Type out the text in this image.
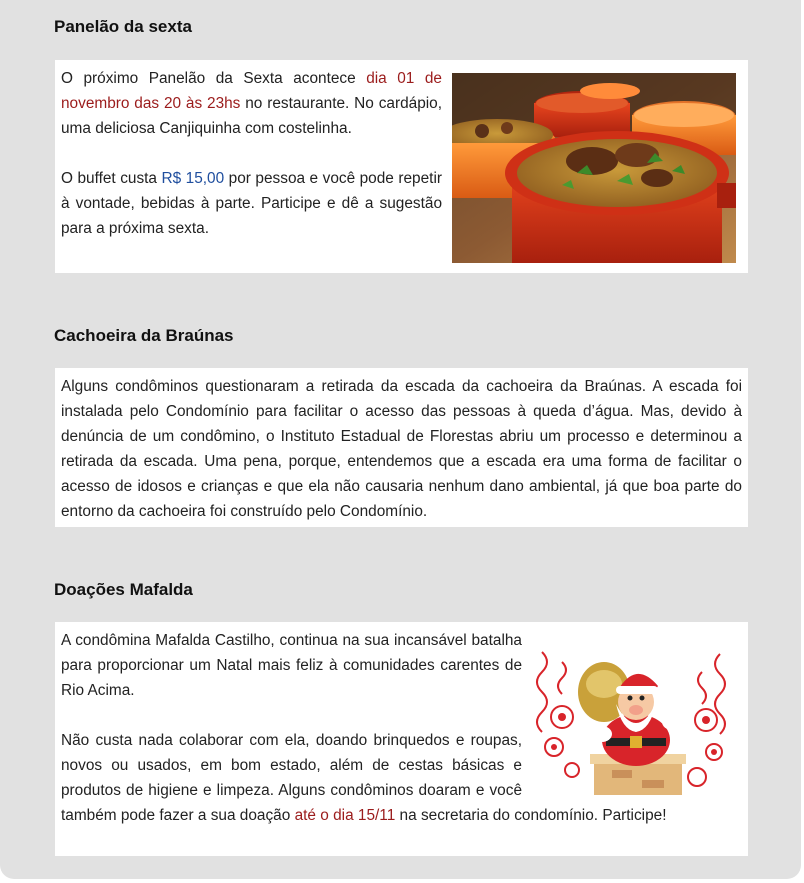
Panelão da sexta

O próximo Panelão da Sexta acontece dia 01 de novembro das 20 às 23hs no restaurante. No cardápio, uma deliciosa Canjiquinha com costelinha.

O buffet custa R$ 15,00 por pessoa e você pode repetir à vontade, bebidas à parte. Participe e dê a sugestão para a próxima sexta.

Cachoeira da Braúnas

Alguns condôminos questionaram a retirada da escada da cachoeira da Braúnas. A escada foi instalada pelo Condomínio para facilitar o acesso das pessoas à queda d’água. Mas, devido à denúncia de um condômino, o Instituto Estadual de Florestas abriu um processo e determinou a retirada da escada. Uma pena, porque, entendemos que a escada era uma forma de facilitar o acesso de idosos e crianças e que ela não causaria nenhum dano ambiental, já que boa parte do entorno da cachoeira foi construído pelo Condomínio.

Doações Mafalda

A condômina Mafalda Castilho, continua na sua incansável batalha para proporcionar um Natal mais feliz à comunidades carentes de Rio Acima.

Não custa nada colaborar com ela, doando brinquedos e roupas, novos ou usados, em bom estado, além de cestas básicas e produtos de higiene e limpeza. Alguns condôminos doaram e você também pode fazer a sua doação até o dia 15/11 na secretaria do condomínio. Participe!
